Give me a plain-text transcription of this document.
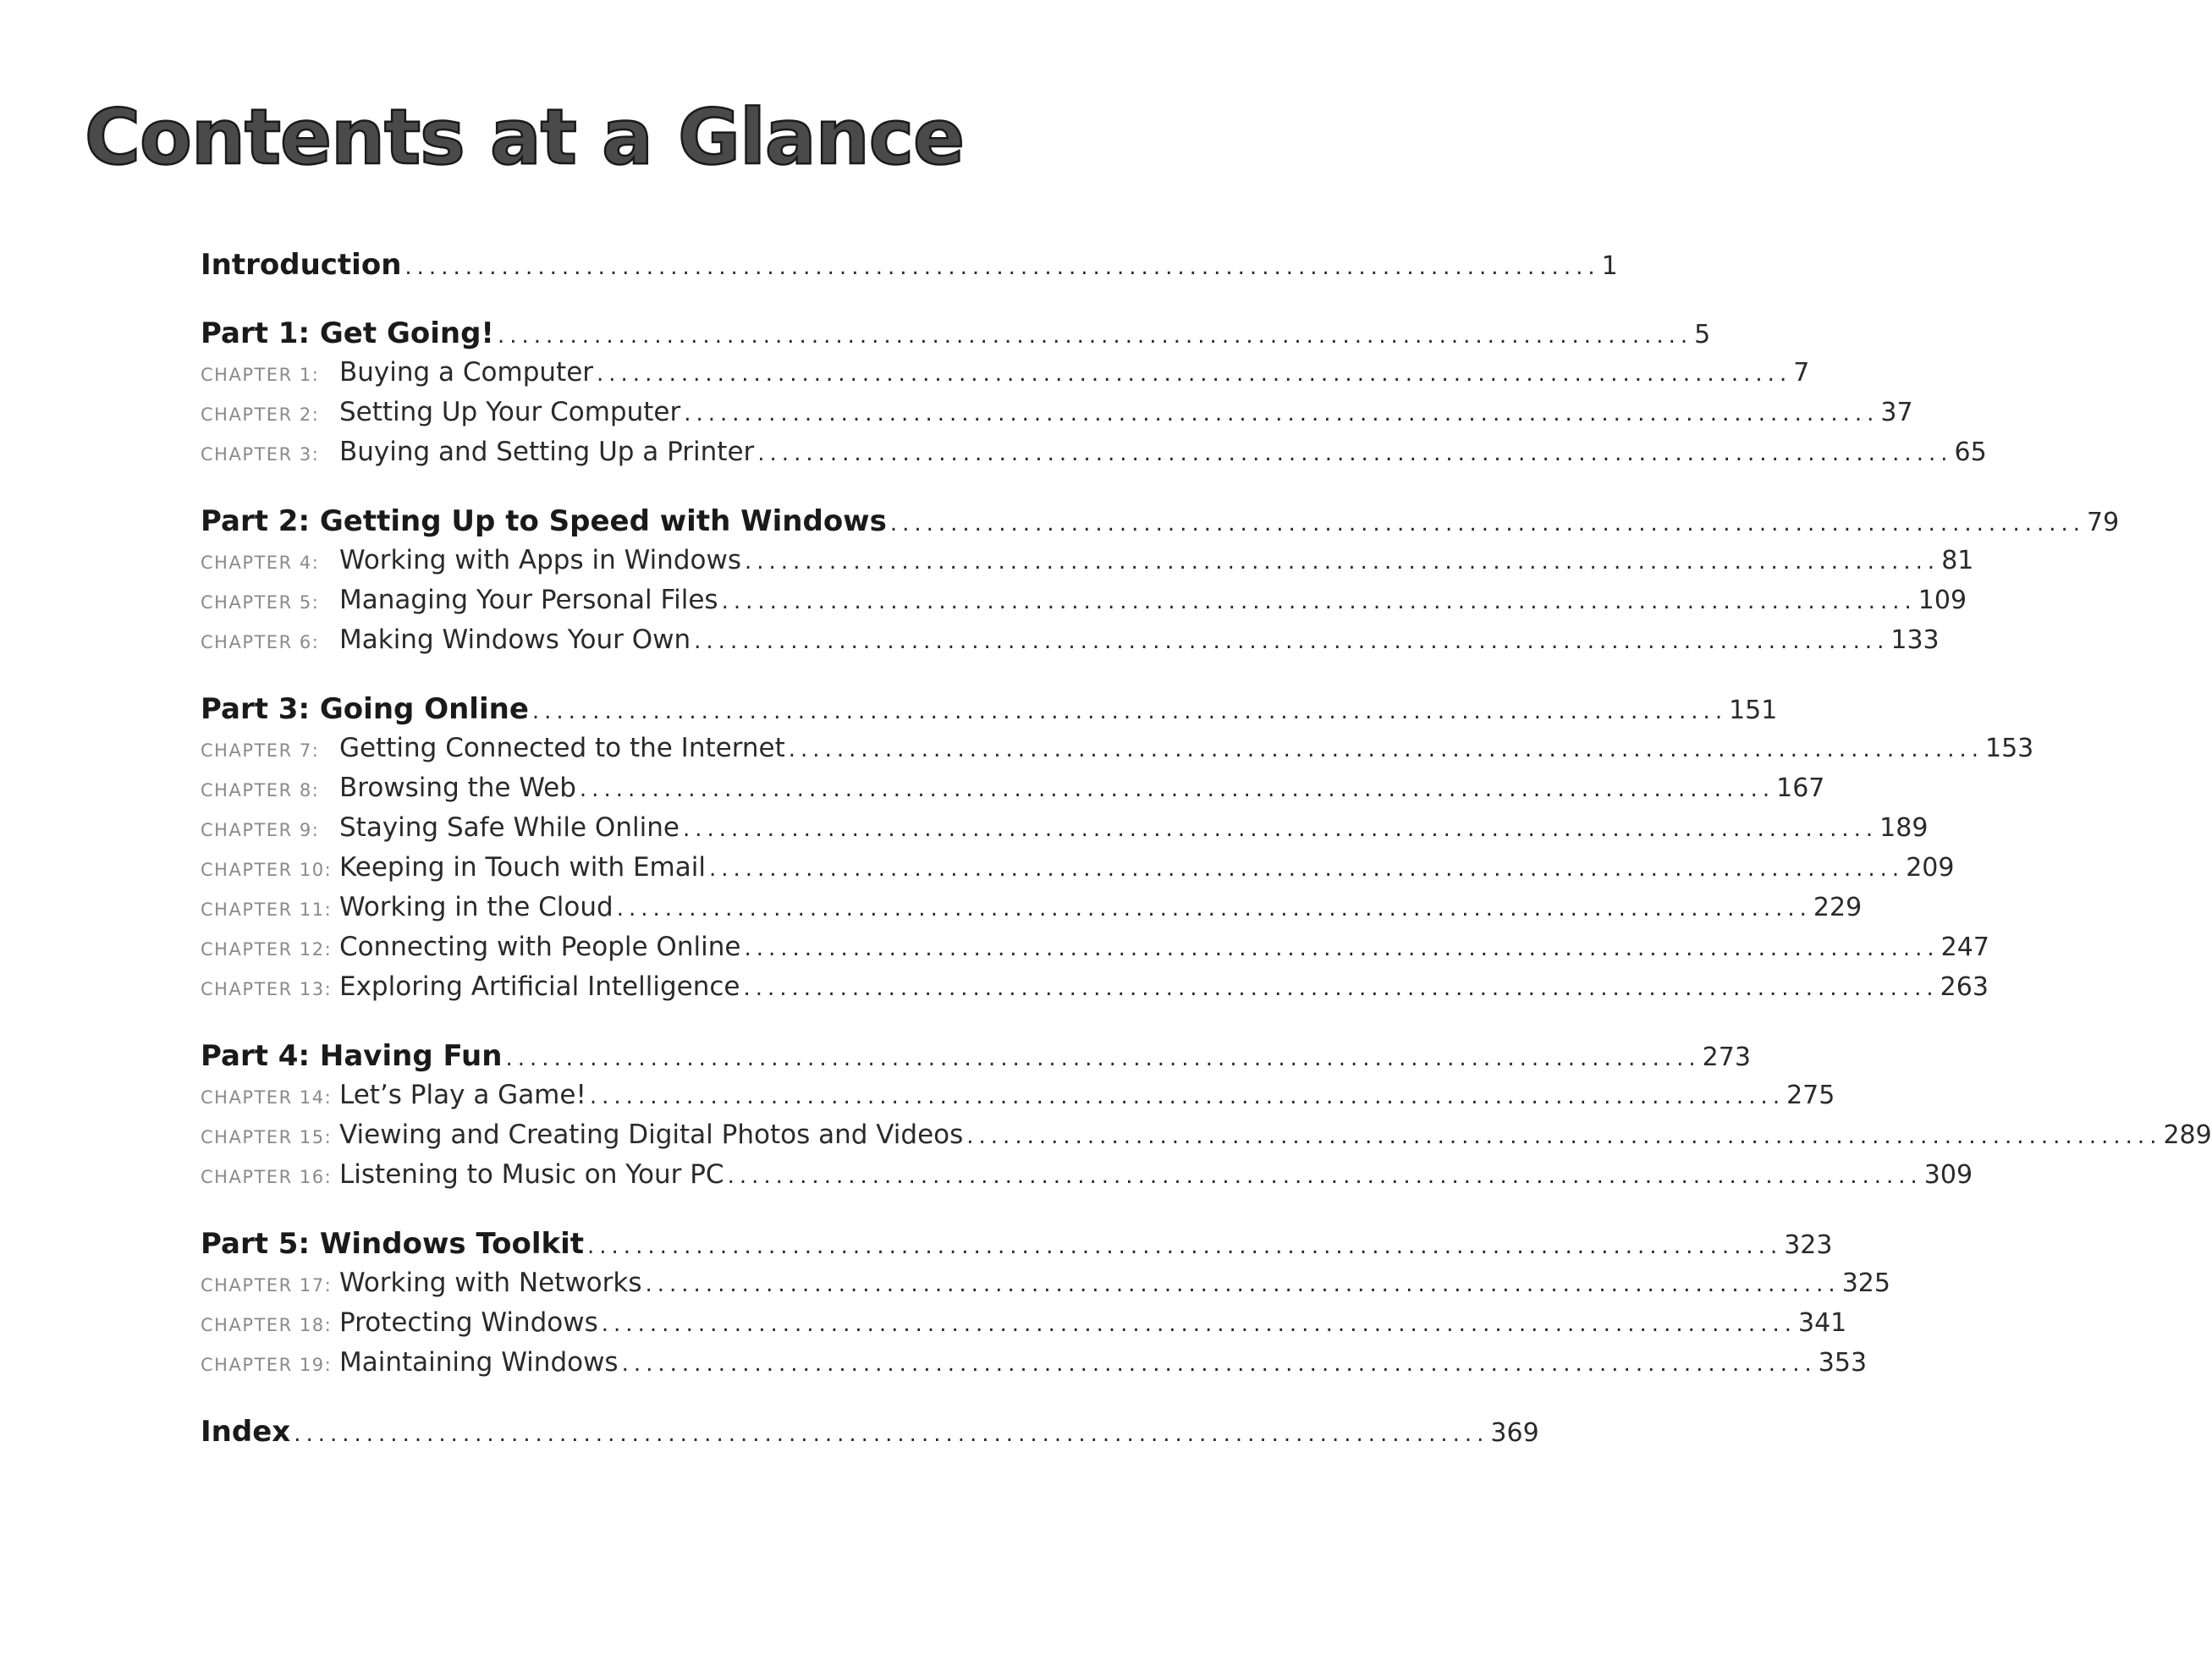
Contents at a Glance
Introduction ................................................................................................... 1
Part 1: Get Going! ................................................................................................... 5
CHAPTER 1: Buying a Computer ................................................................................................... 7
CHAPTER 2: Setting Up Your Computer ................................................................................................... 37
CHAPTER 3: Buying and Setting Up a Printer ................................................................................................... 65
Part 2: Getting Up to Speed with Windows ................................................................................................... 79
CHAPTER 4: Working with Apps in Windows ................................................................................................... 81
CHAPTER 5: Managing Your Personal Files ................................................................................................... 109
CHAPTER 6: Making Windows Your Own ................................................................................................... 133
Part 3: Going Online ................................................................................................... 151
CHAPTER 7: Getting Connected to the Internet ................................................................................................... 153
CHAPTER 8: Browsing the Web ................................................................................................... 167
CHAPTER 9: Staying Safe While Online ................................................................................................... 189
CHAPTER 10: Keeping in Touch with Email ................................................................................................... 209
CHAPTER 11: Working in the Cloud ................................................................................................... 229
CHAPTER 12: Connecting with People Online ................................................................................................... 247
CHAPTER 13: Exploring Artificial Intelligence ................................................................................................... 263
Part 4: Having Fun ................................................................................................... 273
CHAPTER 14: Let’s Play a Game! ................................................................................................... 275
CHAPTER 15: Viewing and Creating Digital Photos and Videos ................................................................................................... 289
CHAPTER 16: Listening to Music on Your PC ................................................................................................... 309
Part 5: Windows Toolkit ................................................................................................... 323
CHAPTER 17: Working with Networks ................................................................................................... 325
CHAPTER 18: Protecting Windows ................................................................................................... 341
CHAPTER 19: Maintaining Windows ................................................................................................... 353
Index ................................................................................................... 369
